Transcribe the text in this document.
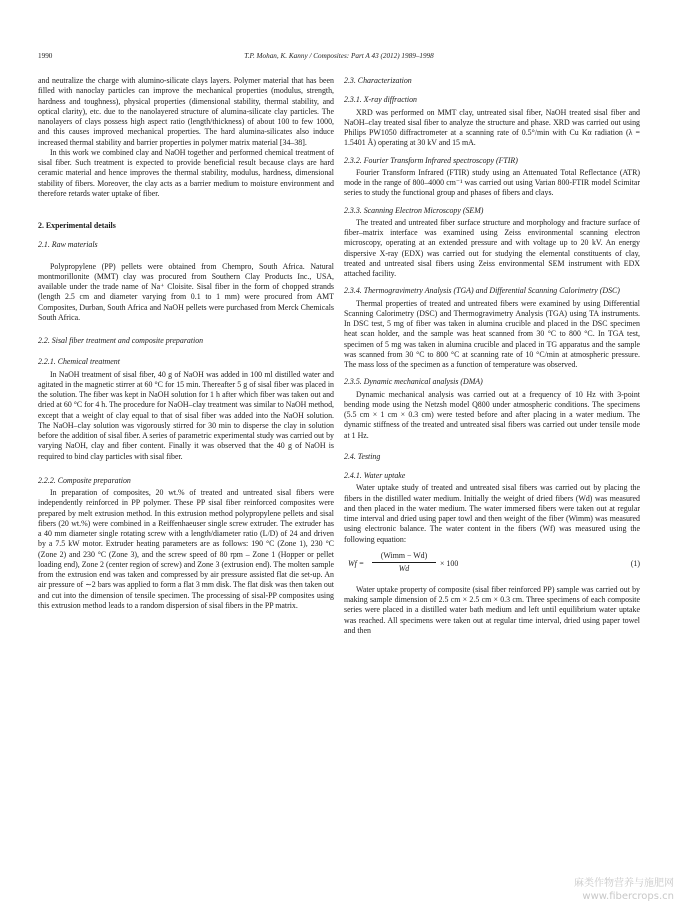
1990	T.P. Mohan, K. Kanny / Composites: Part A 43 (2012) 1989–1998

and neutralize the charge with alumino-silicate clays layers. Polymer material that has been filled with nanoclay particles can improve the mechanical properties (modulus, strength, hardness and toughness), physical properties (dimensional stability, thermal stability, and optical clarity), etc. due to the nanolayered structure of alumina-silicate clay particles. The nanolayers of clays possess high aspect ratio (length/thickness) of about 100 to few 1000, and this causes improved mechanical properties. The hard alumina-silicates also induce increased thermal stability and barrier properties in polymer matrix material [34–38].

In this work we combined clay and NaOH together and performed chemical treatment of sisal fiber. Such treatment is expected to provide beneficial result because clays are hard ceramic material and hence improves the thermal stability, modulus, hardness, dimensional stability of fibers. Moreover, the clay acts as a barrier medium to moisture environment and therefore retards water uptake of fiber.

2. Experimental details

2.1. Raw materials

Polypropylene (PP) pellets were obtained from Chempro, South Africa. Natural montmorillonite (MMT) clay was procured from Southern Clay Products Inc., USA, available under the trade name of Na⁺ Cloisite. Sisal fiber in the form of chopped strands (length 2.5 cm and diameter varying from 0.1 to 1 mm) were procured from AMT Composites, Durban, South Africa and NaOH pellets were purchased from Merck Chemicals South Africa.

2.2. Sisal fiber treatment and composite preparation

2.2.1. Chemical treatment

In NaOH treatment of sisal fiber, 40 g of NaOH was added in 100 ml distilled water and agitated in the magnetic stirrer at 60 °C for 15 min. Thereafter 5 g of sisal fiber was placed in the solution. The fiber was kept in NaOH solution for 1 h after which fiber was taken out and dried at 60 °C for 4 h. The procedure for NaOH–clay treatment was similar to NaOH method, except that a weight of clay equal to that of sisal fiber was added into the NaOH solution. The NaOH–clay solution was vigorously stirred for 30 min to disperse the clay in solution before the addition of sisal fiber. A series of parametric experimental study was carried out by varying NaOH, clay and fiber content. Finally it was observed that the 40 g of NaOH is required to bind clay particles with sisal fiber.

2.2.2. Composite preparation

In preparation of composites, 20 wt.% of treated and untreated sisal fibers were independently reinforced in PP polymer. These PP sisal fiber reinforced composites were prepared by melt extrusion method. In this extrusion method polypropylene pellets and sisal fibers (20 wt.%) were combined in a Reiffenhaeuser single screw extruder. The extruder has a 40 mm diameter single rotating screw with a length/diameter ratio (L/D) of 24 and driven by a 7.5 kW motor. Extruder heating parameters are as follows: 190 °C (Zone 1), 230 °C (Zone 2) and 230 °C (Zone 3), and the screw speed of 80 rpm – Zone 1 (Hopper or pellet loading end), Zone 2 (center region of screw) and Zone 3 (extrusion end). The molten sample from the extrusion end was taken and compressed by air pressure assisted flat die set-up. An air pressure of ∼2 bars was applied to form a flat 3 mm disk. The flat disk was then taken out and cut into the dimension of tensile specimen. The processing of sisal-PP composites using this extrusion method leads to a random dispersion of sisal fibers in the PP matrix.

2.3. Characterization

2.3.1. X-ray diffraction

XRD was performed on MMT clay, untreated sisal fiber, NaOH treated sisal fiber and NaOH–clay treated sisal fiber to analyze the structure and phase. XRD was carried out using Philips PW1050 diffractrometer at a scanning rate of 0.5°/min with Cu Kα radiation (λ = 1.5401 Å) operating at 30 kV and 15 mA.

2.3.2. Fourier Transform Infrared spectroscopy (FTIR)

Fourier Transform Infrared (FTIR) study using an Attenuated Total Reflectance (ATR) mode in the range of 800–4000 cm⁻¹ was carried out using Varian 800-FTIR model Scimitar series to study the functional group and phases of fibers and clays.

2.3.3. Scanning Electron Microscopy (SEM)

The treated and untreated fiber surface structure and morphology and fracture surface of fiber–matrix interface was examined using Zeiss environmental scanning electron microscopy, operating at an extended pressure and with voltage up to 20 kV. An energy dispersive X-ray (EDX) was carried out for studying the elemental constituents of clay, treated and untreated sisal fibers using Zeiss environmental SEM instrument with EDX attached facility.

2.3.4. Thermogravimetry Analysis (TGA) and Differential Scanning Calorimetry (DSC)

Thermal properties of treated and untreated fibers were examined by using Differential Scanning Calorimetry (DSC) and Thermogravimetry Analysis (TGA) using TA instruments. In DSC test, 5 mg of fiber was taken in alumina crucible and placed in the DSC specimen heat scan holder, and the sample was heat scanned from 30 °C to 800 °C. In TGA test, specimen of 5 mg was taken in alumina crucible and placed in TG apparatus and the sample was scanned from 30 °C to 800 °C at scanning rate of 10 °C/min at atmospheric pressure. The mass loss of the specimen as a function of temperature was observed.

2.3.5. Dynamic mechanical analysis (DMA)

Dynamic mechanical analysis was carried out at a frequency of 10 Hz with 3-point bending mode using the Netzsh model Q800 under atmospheric conditions. The specimens (5.5 cm × 1 cm × 0.3 cm) were tested before and after placing in a water medium. The dynamic stiffness of the treated and untreated sisal fibers was carried out under tensile mode at 1 Hz.

2.4. Testing

2.4.1. Water uptake

Water uptake study of treated and untreated sisal fibers was carried out by placing the fibers in the distilled water medium. Initially the weight of dried fibers (Wd) was measured and then placed in the water medium. The water immersed fibers were taken out at regular time interval and dried using paper towl and then weight of the fiber (Wimm) was measured using electronic balance. The water content in the fibers (Wf) was measured using the following equation:

Wf =
(Wimm − Wd)
Wd
× 100	(1)

Water uptake property of composite (sisal fiber reinforced PP) sample was carried out by making sample dimension of 2.5 cm × 2.5 cm × 0.3 cm. Three specimens of each composite series were placed in a distilled water bath medium and left until equilibrium water uptake was reached. All specimens were taken out at regular time interval, dried using paper towel and then

麻类作物营养与施肥网
www.fibercrops.cn
